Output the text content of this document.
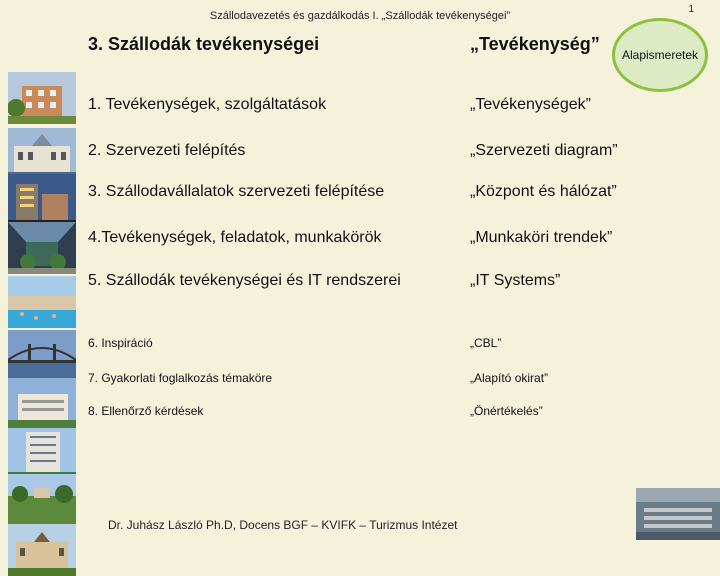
Szállodavezetés és gazdálkodás I. „Szállodák tevékenységei”
1
3. Szállodák tevékenységei	„Tevékenység”
Alapismeretek
1. Tevékenységek, szolgáltatások	„Tevékenységek”
2. Szervezeti felépítés	„Szervezeti diagram”
3. Szállodavállalatok szervezeti felépítése	„Központ és hálózat”
4.Tevékenységek, feladatok, munkakörök	„Munkaköri trendek”
5. Szállodák tevékenységei és IT rendszerei	„IT Systems”
6. Inspiráció	„CBL”
7. Gyakorlati foglalkozás témaköre	„Alapító okirat”
8. Ellenőrző kérdések	„Önértékelés”
Dr. Juhász László Ph.D, Docens BGF – KVIFK – Turizmus Intézet
